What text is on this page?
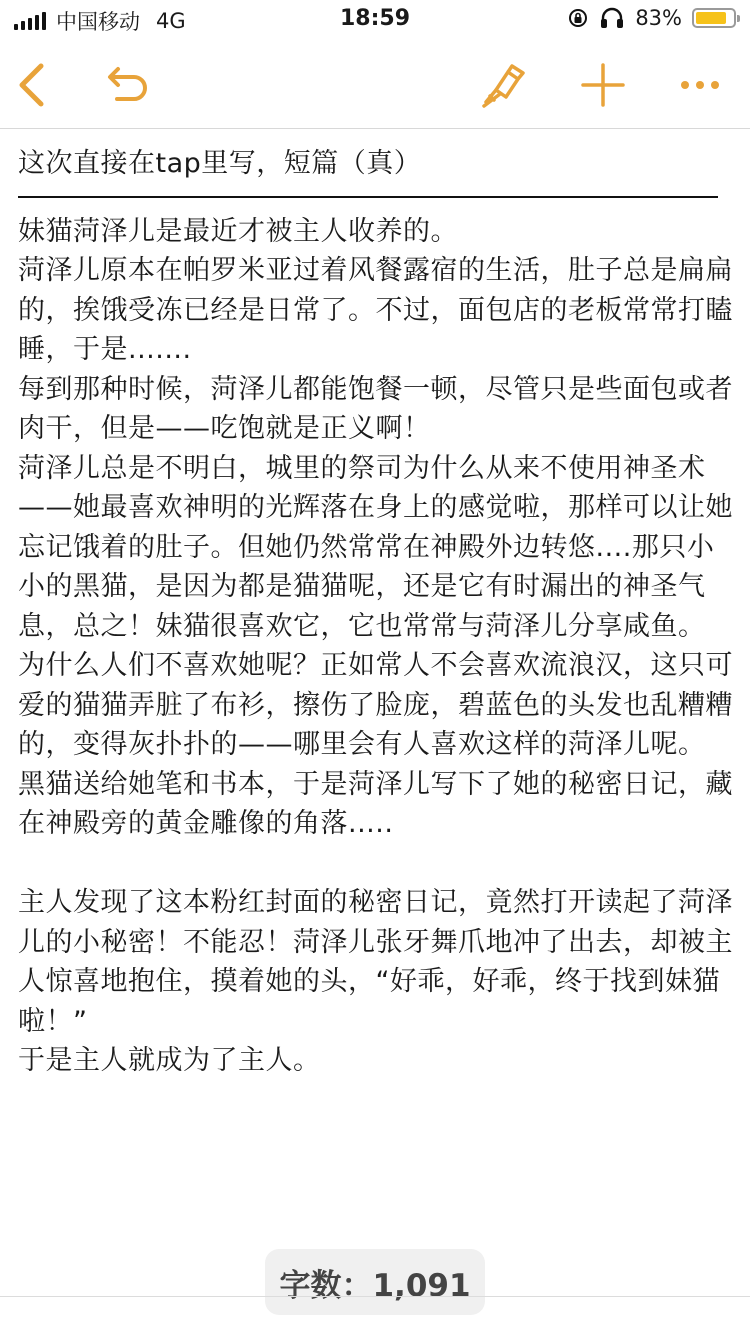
中国移动 4G	18:59	83%

这次直接在tap里写，短篇（真）

妹猫菏泽儿是最近才被主人收养的。

菏泽儿原本在帕罗米亚过着风餐露宿的生活，肚子总是扁扁的，挨饿受冻已经是日常了。不过，面包店的老板常常打瞌睡，于是.......

每到那种时候，菏泽儿都能饱餐一顿，尽管只是些面包或者肉干，但是——吃饱就是正义啊！

菏泽儿总是不明白，城里的祭司为什么从来不使用神圣术——她最喜欢神明的光辉落在身上的感觉啦，那样可以让她忘记饿着的肚子。但她仍然常常在神殿外边转悠....那只小小的黑猫，是因为都是猫猫呢，还是它有时漏出的神圣气息，总之！妹猫很喜欢它，它也常常与菏泽儿分享咸鱼。

为什么人们不喜欢她呢？正如常人不会喜欢流浪汉，这只可爱的猫猫弄脏了布衫，擦伤了脸庞，碧蓝色的头发也乱糟糟的，变得灰扑扑的——哪里会有人喜欢这样的菏泽儿呢。

黑猫送给她笔和书本，于是菏泽儿写下了她的秘密日记，藏在神殿旁的黄金雕像的角落.....

主人发现了这本粉红封面的秘密日记，竟然打开读起了菏泽儿的小秘密！不能忍！菏泽儿张牙舞爪地冲了出去，却被主人惊喜地抱住，摸着她的头，“好乖，好乖，终于找到妹猫啦！”

于是主人就成为了主人。

字数：1,091
